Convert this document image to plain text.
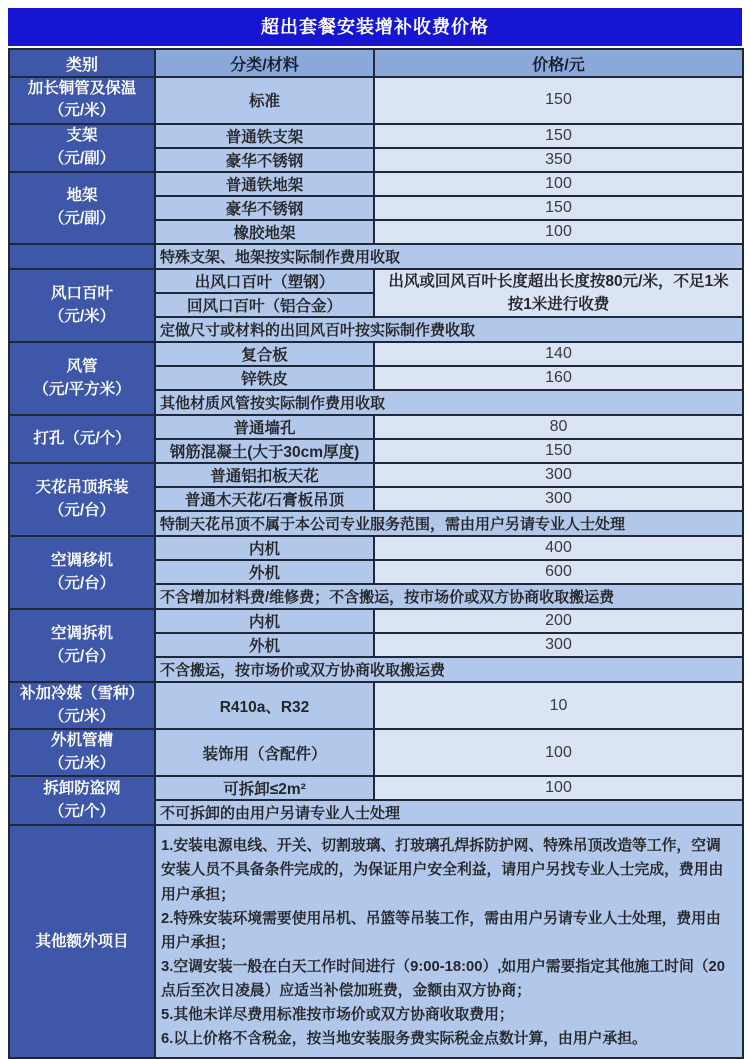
超出套餐安装增补收费价格
类别	分类/材料	价格/元

加长铜管及保温
（元/米）	标准	150

支架
（元/副）	普通铁支架	150
	豪华不锈钢	350

地架
（元/副）	普通铁地架	100
	豪华不锈钢	150
	橡胶地架	100
	特殊支架、地架按实际制作费用收取	

风口百叶
（元/米）	出风口百叶（塑钢）	出风或回风百叶长度超出长度按80元/米，不足1米按1米进行收费
	回风口百叶（铝合金）	
	定做尺寸或材料的出回风百叶按实际制作费收取	

风管
（元/平方米）	复合板	140
	锌铁皮	160
	其他材质风管按实际制作费用收取	

打孔（元/个）	普通墙孔	80
	钢筋混凝土(大于30cm厚度)	150

天花吊顶拆装
（元/台）	普通铝扣板天花	300
	普通木天花/石膏板吊顶	300
	特制天花吊顶不属于本公司专业服务范围，需由用户另请专业人士处理	

空调移机
（元/台）	内机	400
	外机	600
	不含增加材料费/维修费；不含搬运，按市场价或双方协商收取搬运费	

空调拆机
（元/台）	内机	200
	外机	300
	不含搬运，按市场价或双方协商收取搬运费	

补加冷媒（雪种）
（元/米）	R410a、R32	10

外机管槽
（元/米）	装饰用（含配件）	100

拆卸防盗网
（元/个）	可拆卸≤2m²	100
	不可拆卸的由用户另请专业人士处理	

其他额外项目	1.安装电源电线、开关、切割玻璃、打玻璃孔焊拆防护网、特殊吊顶改造等工作，空调安装人员不具备条件完成的，为保证用户安全利益，请用户另找专业人士完成，费用由用户承担；
2.特殊安装环境需要使用吊机、吊篮等吊装工作，需由用户另请专业人士处理，费用由用户承担；
3.空调安装一般在白天工作时间进行（9:00-18:00）,如用户需要指定其他施工时间（20点后至次日凌晨）应适当补偿加班费，金额由双方协商；
5.其他未详尽费用标准按市场价或双方协商收取费用；
6.以上价格不含税金，按当地安装服务费实际税金点数计算，由用户承担。	
